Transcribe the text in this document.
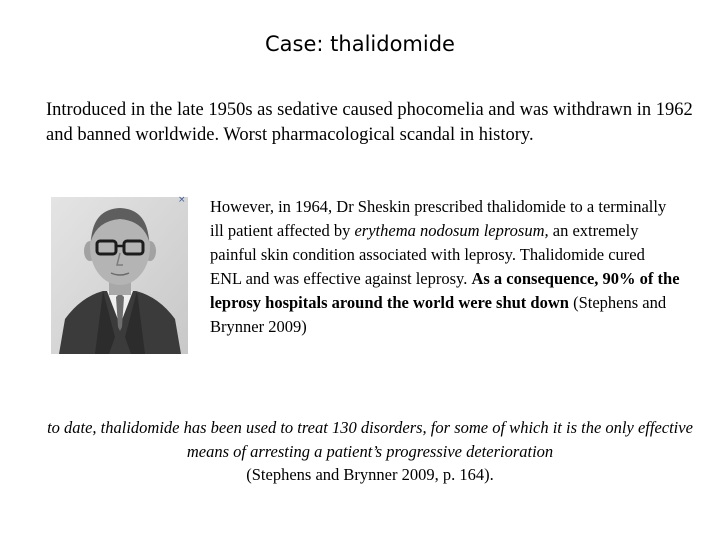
Case: thalidomide
Introduced in the late 1950s as sedative caused phocomelia and was withdrawn in 1962 and banned worldwide. Worst pharmacological scandal in history.
× However, in 1964, Dr Sheskin prescribed thalidomide to a terminally ill patient affected by erythema nodosum leprosum, an extremely painful skin condition associated with leprosy. Thalidomide cured ENL and was effective against leprosy. As a consequence, 90% of the leprosy hospitals around the world were shut down (Stephens and Brynner 2009)
to date, thalidomide has been used to treat 130 disorders, for some of which it is the only effective means of arresting a patient’s progressive deterioration
(Stephens and Brynner 2009, p. 164).
